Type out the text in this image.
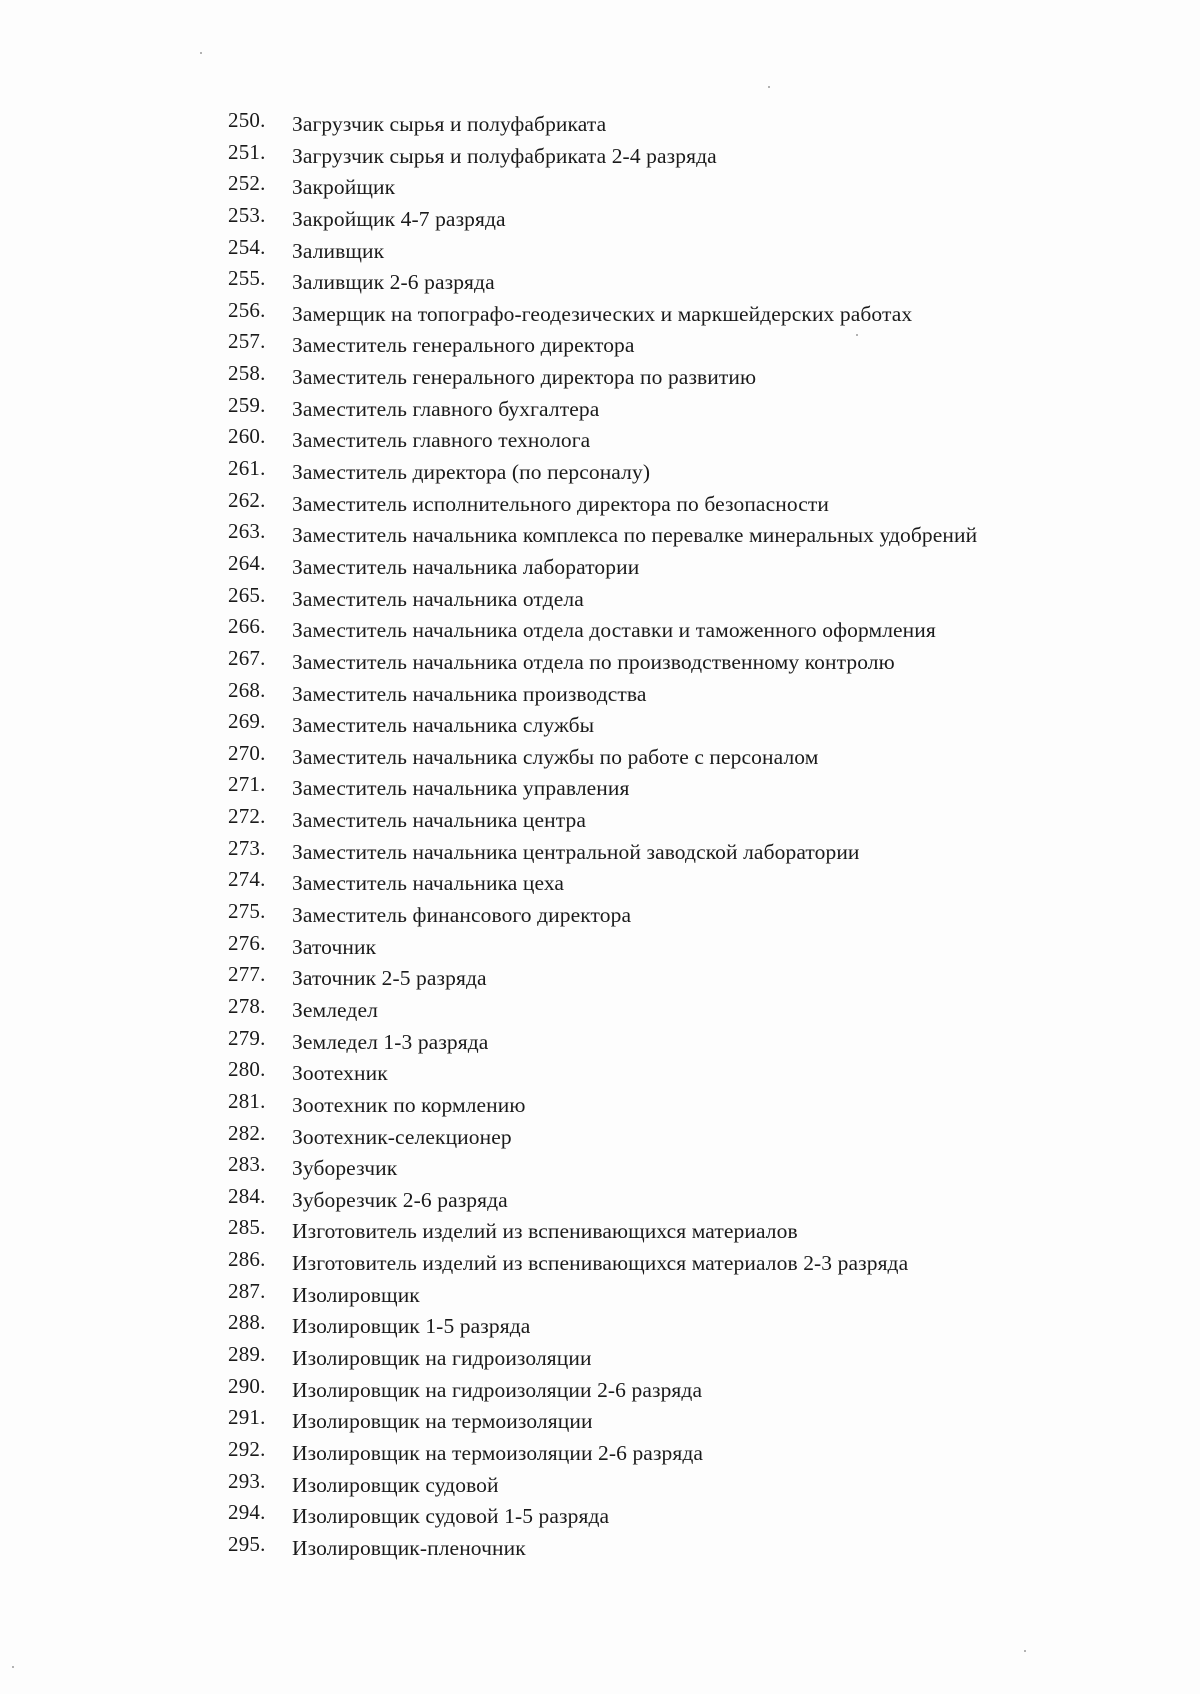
250.	Загрузчик сырья и полуфабриката
251.	Загрузчик сырья и полуфабриката 2-4 разряда
252.	Закройщик
253.	Закройщик 4-7 разряда
254.	Заливщик
255.	Заливщик 2-6 разряда
256.	Замерщик на топографо-геодезических и маркшейдерских работах
257.	Заместитель генерального директора
258.	Заместитель генерального директора по развитию
259.	Заместитель главного бухгалтера
260.	Заместитель главного технолога
261.	Заместитель директора (по персоналу)
262.	Заместитель исполнительного директора по безопасности
263.	Заместитель начальника комплекса по перевалке минеральных удобрений
264.	Заместитель начальника лаборатории
265.	Заместитель начальника отдела
266.	Заместитель начальника отдела доставки и таможенного оформления
267.	Заместитель начальника отдела по производственному контролю
268.	Заместитель начальника производства
269.	Заместитель начальника службы
270.	Заместитель начальника службы по работе с персоналом
271.	Заместитель начальника управления
272.	Заместитель начальника центра
273.	Заместитель начальника центральной заводской лаборатории
274.	Заместитель начальника цеха
275.	Заместитель финансового директора
276.	Заточник
277.	Заточник 2-5 разряда
278.	Земледел
279.	Земледел 1-3 разряда
280.	Зоотехник
281.	Зоотехник по кормлению
282.	Зоотехник-селекционер
283.	Зуборезчик
284.	Зуборезчик 2-6 разряда
285.	Изготовитель изделий из вспенивающихся материалов
286.	Изготовитель изделий из вспенивающихся материалов 2-3 разряда
287.	Изолировщик
288.	Изолировщик 1-5 разряда
289.	Изолировщик на гидроизоляции
290.	Изолировщик на гидроизоляции 2-6 разряда
291.	Изолировщик на термоизоляции
292.	Изолировщик на термоизоляции 2-6 разряда
293.	Изолировщик судовой
294.	Изолировщик судовой 1-5 разряда
295.	Изолировщик-пленочник
